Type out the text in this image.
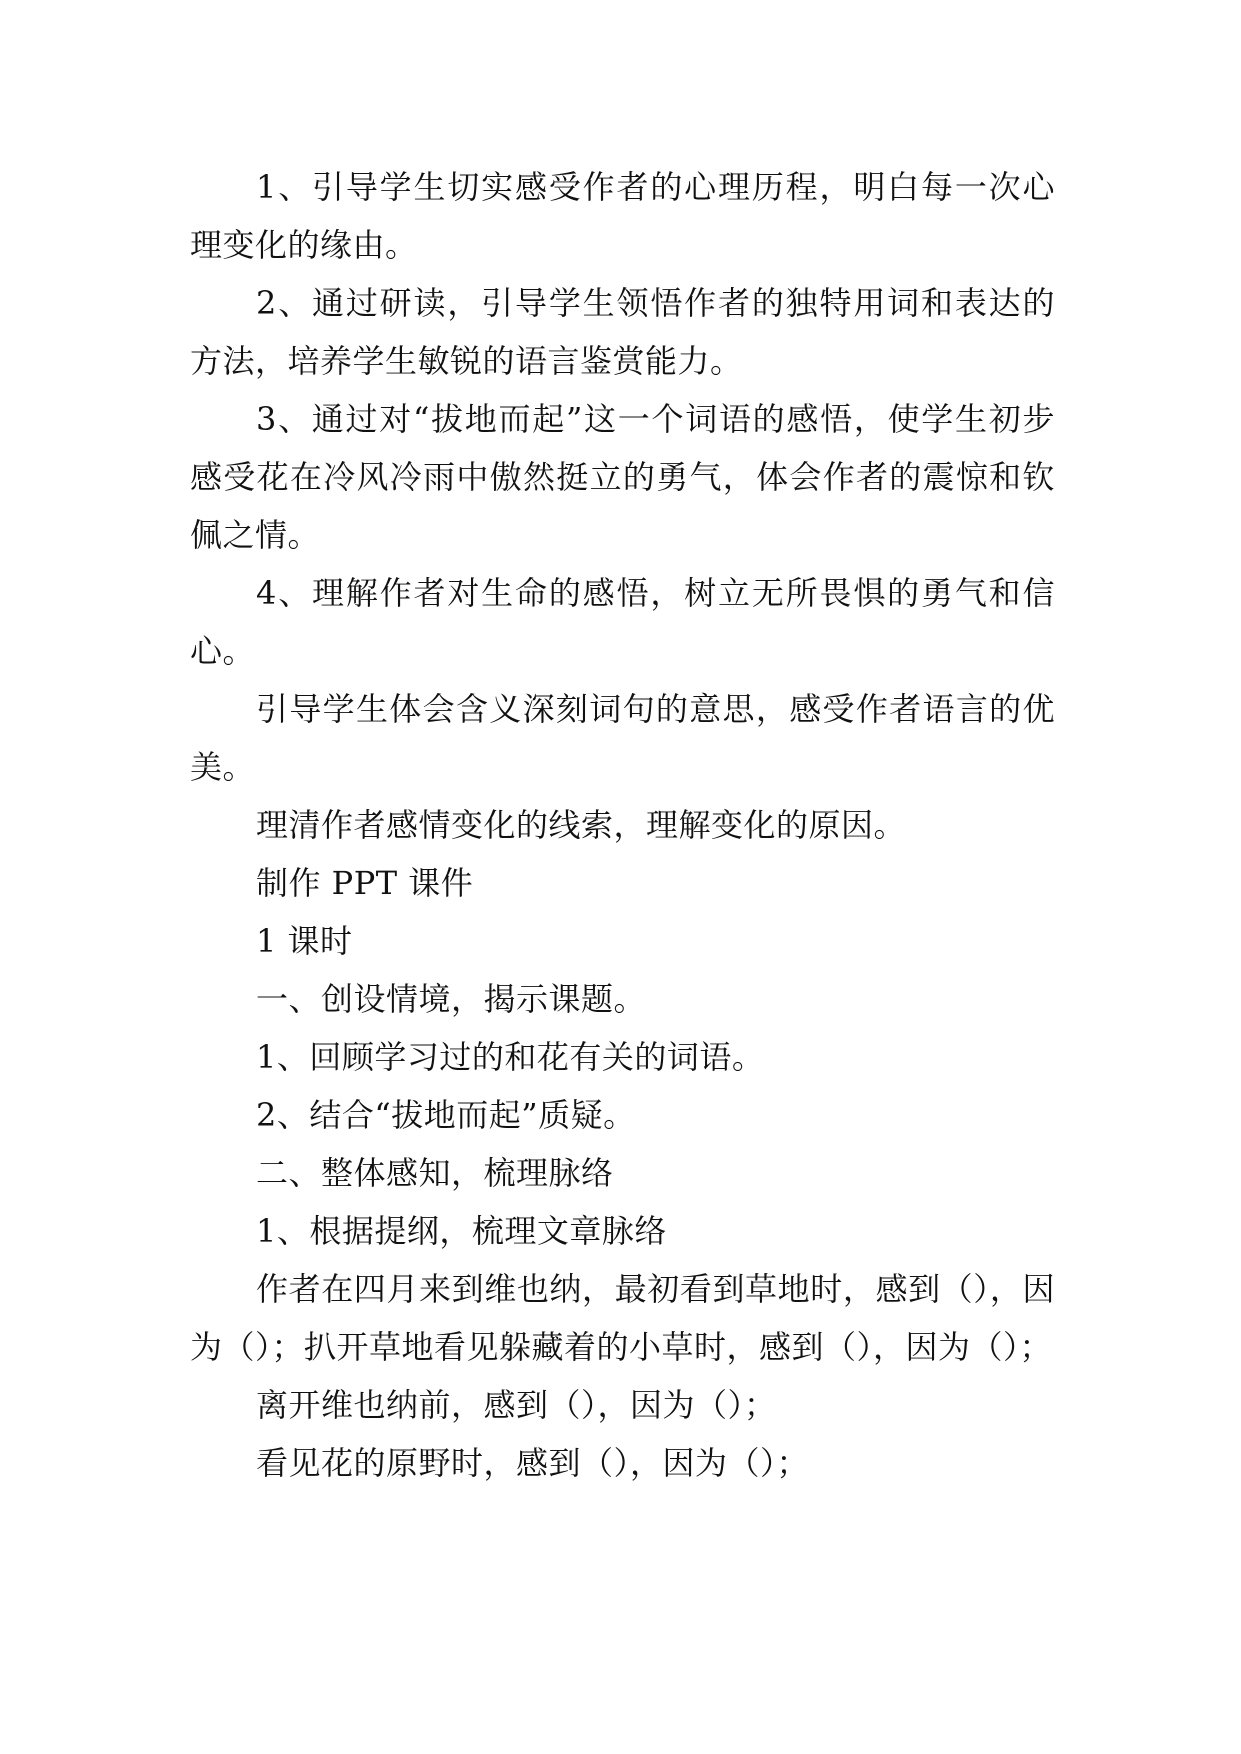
1、引导学生切实感受作者的心理历程，明白每一次心理变化的缘由。

2、通过研读，引导学生领悟作者的独特用词和表达的方法，培养学生敏锐的语言鉴赏能力。

3、通过对“拔地而起”这一个词语的感悟，使学生初步感受花在冷风冷雨中傲然挺立的勇气，体会作者的震惊和钦佩之情。

4、理解作者对生命的感悟，树立无所畏惧的勇气和信心。

引导学生体会含义深刻词句的意思，感受作者语言的优美。

理清作者感情变化的线索，理解变化的原因。

制作 PPT 课件

1 课时

一、创设情境，揭示课题。

1、回顾学习过的和花有关的词语。

2、结合“拔地而起”质疑。

二、整体感知，梳理脉络

1、根据提纲，梳理文章脉络

作者在四月来到维也纳，最初看到草地时，感到（），因为（）；扒开草地看见躲藏着的小草时，感到（），因为（）；

离开维也纳前，感到（），因为（）；

看见花的原野时，感到（），因为（）；
